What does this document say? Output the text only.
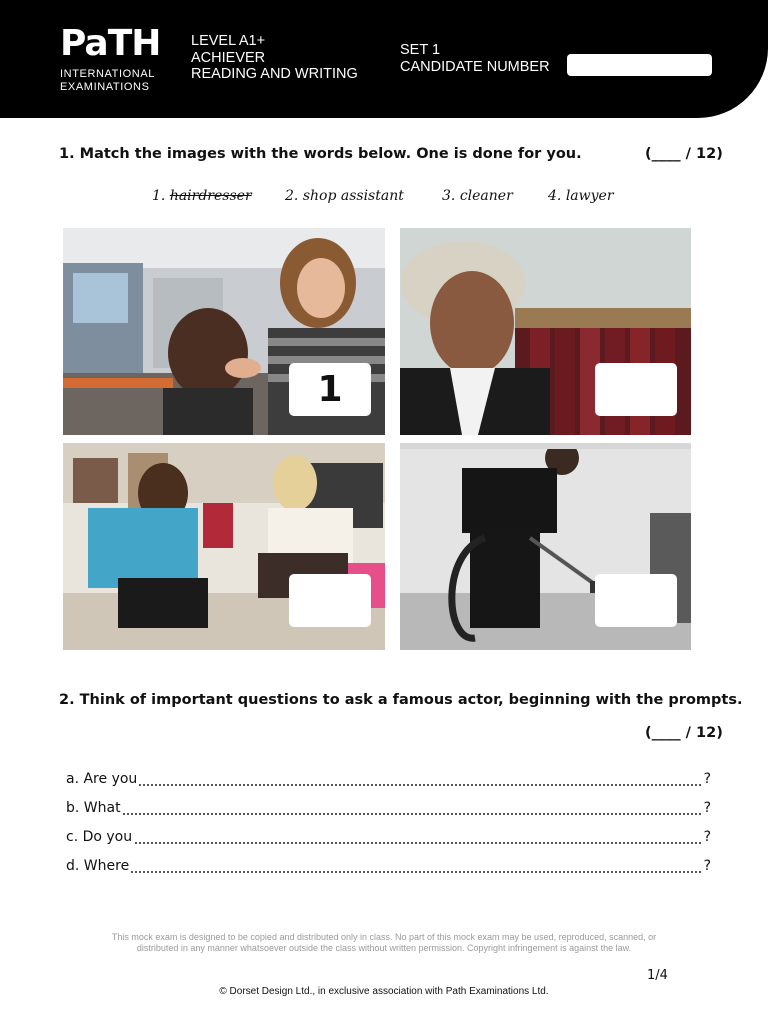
PaTH
INTERNATIONAL
EXAMINATIONS
LEVEL A1+
ACHIEVER
READING AND WRITING
SET 1
CANDIDATE NUMBER
1. Match the images with the words below. One is done for you.	(____ / 12)
1. hairdresser 2. shop assistant	3. cleaner	4. lawyer
1
2. Think of important questions to ask a famous actor, beginning with the prompts.
(____ / 12)
a. Are you	?
b. What	?
c. Do you	?
d. Where	?
This mock exam is designed to be copied and distributed only in class. No part of this mock exam may be used, reproduced, scanned, or
distributed in any manner whatsoever outside the class without written permission. Copyright infringement is against the law.
1/4
© Dorset Design Ltd., in exclusive association with Path Examinations Ltd.
